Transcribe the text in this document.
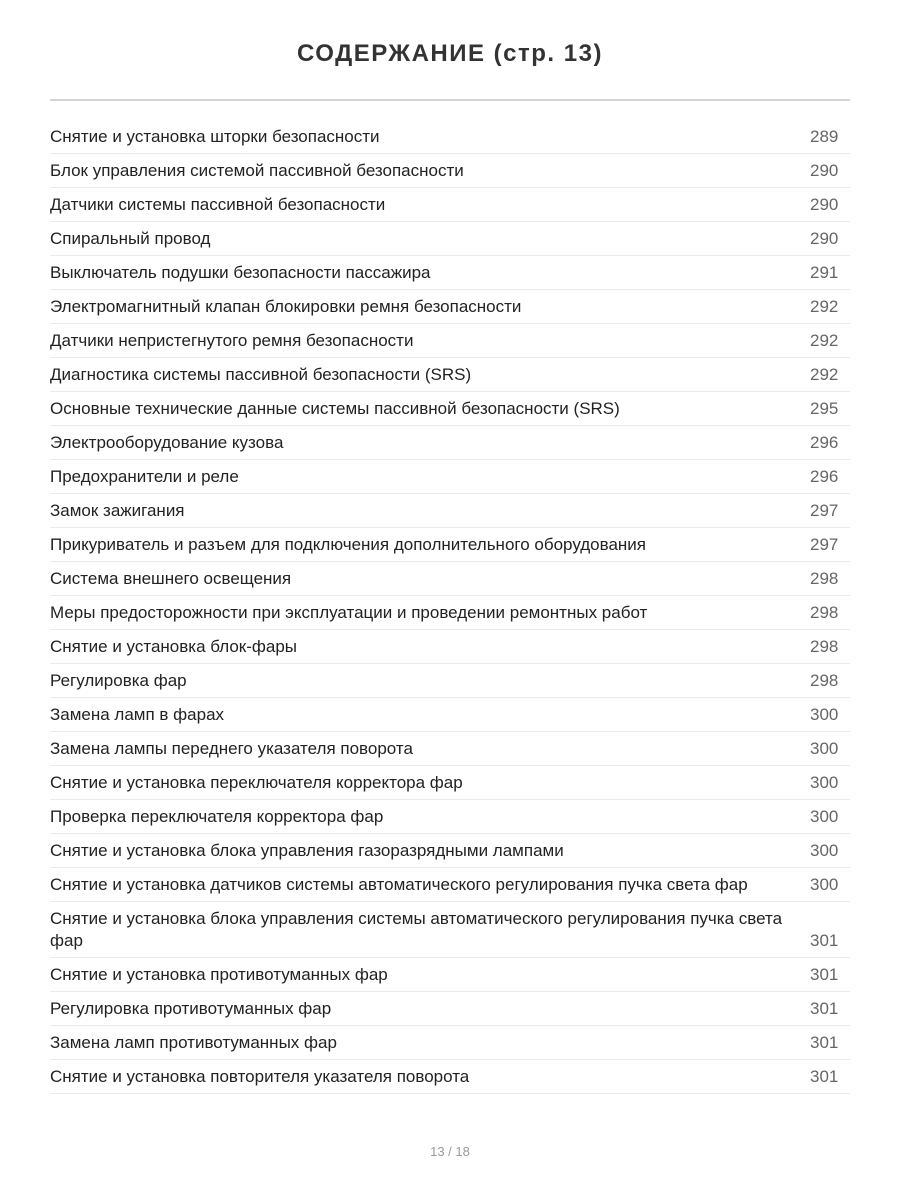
СОДЕРЖАНИЕ (стр. 13)
Снятие и установка шторки безопасности	289
Блок управления системой пассивной безопасности	290
Датчики системы пассивной безопасности	290
Спиральный провод	290
Выключатель подушки безопасности пассажира	291
Электромагнитный клапан блокировки ремня безопасности	292
Датчики непристегнутого ремня безопасности	292
Диагностика системы пассивной безопасности (SRS)	292
Основные технические данные системы пассивной безопасности (SRS)	295
Электрооборудование кузова	296
Предохранители и реле	296
Замок зажигания	297
Прикуриватель и разъем для подключения дополнительного оборудования	297
Система внешнего освещения	298
Меры предосторожности при эксплуатации и проведении ремонтных работ	298
Снятие и установка блок-фары	298
Регулировка фар	298
Замена ламп в фарах	300
Замена лампы переднего указателя поворота	300
Снятие и установка переключателя корректора фар	300
Проверка переключателя корректора фар	300
Снятие и установка блока управления газоразрядными лампами	300
Снятие и установка датчиков системы автоматического регулирования пучка света фар	300
Снятие и установка блока управления системы автоматического регулирования пучка света фар	301
Снятие и установка противотуманных фар	301
Регулировка противотуманных фар	301
Замена ламп противотуманных фар	301
Снятие и установка повторителя указателя поворота	301
13 / 18
